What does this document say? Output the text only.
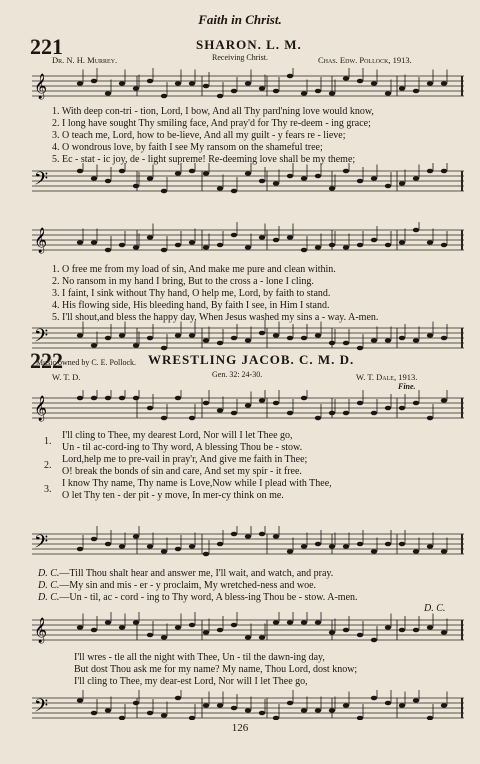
Faith in Christ.
221	SHARON. L. M.
Dr. N. H. Murrey.	Receiving Christ.	Chas. Edw. Pollock, 1913.
𝄞
𝄢
𝄞
𝄢
1. With deep con-tri - tion, Lord, I bow, And all Thy pard'ning love would know,
2. I long have sought Thy smiling face, And pray'd for Thy re-deem - ing grace;
3. O teach me, Lord, how to be-lieve, And all my guilt - y fears re - lieve;
4. O wondrous love, by faith I see My ransom on the shameful tree;
5. Ec - stat - ic joy, de - light supreme! Re-deeming love shall be my theme;
1. O free me from my load of sin, And make me pure and clean within.
2. No ransom in my hand I bring, But to the cross a - lone I cling.
3. I faint, I sink without Thy hand, O help me, Lord, by faith to stand.
4. His flowing side, His bleeding hand, By faith I see, in Him I stand.
5. I'll shout,and bless the happy day, When Jesus washed my sins a - way. A-men.
Music owned by C. E. Pollock.
222	WRESTLING JACOB. C. M. D.
W. T. D.	Gen. 32: 24-30.	W. T. Dale, 1913.
Fine.
𝄞
𝄢
𝄞
𝄢
1.
2.
3.
I'll cling to Thee, my dearest Lord, Nor will I let Thee go,
Un - til ac-cord-ing to Thy word, A blessing Thou be - stow.
Lord,help me to pre-vail in pray'r, And give me faith in Thee;
O! break the bonds of sin and care, And set my spir - it free.
I know Thy name, Thy name is Love,Now while I plead with Thee,
O let Thy ten - der pit - y move, In mer-cy think on me.
D. C.—Till Thou shalt hear and answer me, I'll wait, and watch, and pray.
D. C.—My sin and mis - er - y proclaim, My wretched-ness and woe.
D. C.—Un - til, ac - cord - ing to Thy word, A bless-ing Thou be - stow. A-men.
D. C.
I'll wres - tle all the night with Thee, Un - til the dawn-ing day,
But dost Thou ask me for my name? My name, Thou Lord, dost know;
I'll cling to Thee, my dear-est Lord, Nor will I let Thee go,
126
